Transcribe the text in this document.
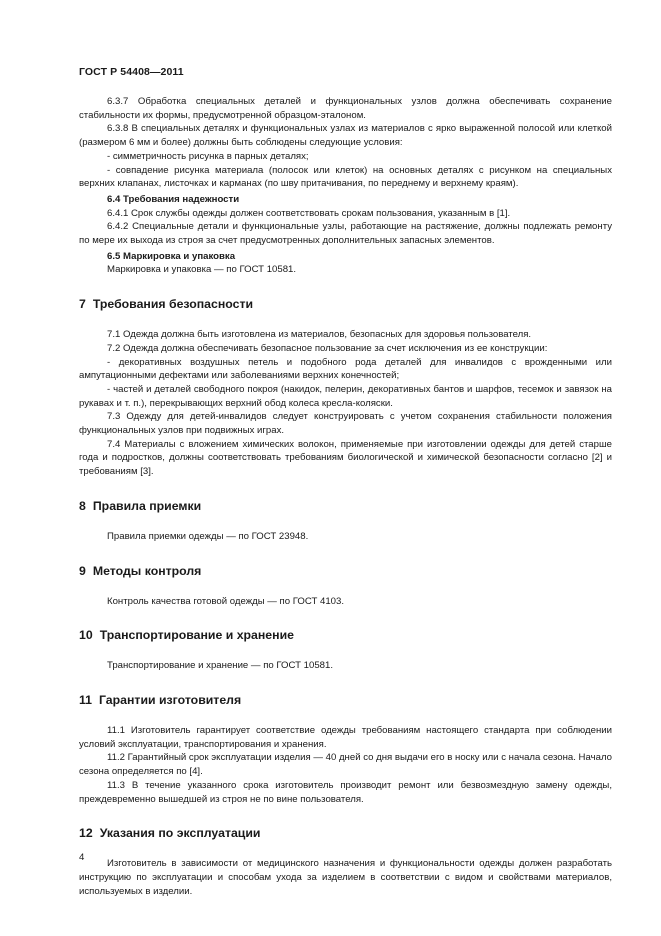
ГОСТ Р 54408—2011

6.3.7 Обработка специальных деталей и функциональных узлов должна обеспечивать сохранение стабильности их формы, предусмотренной образцом-эталоном.

6.3.8 В специальных деталях и функциональных узлах из материалов с ярко выраженной полосой или клеткой (размером 6 мм и более) должны быть соблюдены следующие условия:

- симметричность рисунка в парных деталях;

- совпадение рисунка материала (полосок или клеток) на основных деталях с рисунком на специальных верхних клапанах, листочках и карманах (по шву притачивания, по переднему и верхнему краям).

6.4 Требования надежности

6.4.1 Срок службы одежды должен соответствовать срокам пользования, указанным в [1].

6.4.2 Специальные детали и функциональные узлы, работающие на растяжение, должны подлежать ремонту по мере их выхода из строя за счет предусмотренных дополнительных запасных элементов.

6.5 Маркировка и упаковка

Маркировка и упаковка — по ГОСТ 10581.

7 Требования безопасности

7.1 Одежда должна быть изготовлена из материалов, безопасных для здоровья пользователя.

7.2 Одежда должна обеспечивать безопасное пользование за счет исключения из ее конструкции:

- декоративных воздушных петель и подобного рода деталей для инвалидов с врожденными или ампутационными дефектами или заболеваниями верхних конечностей;

- частей и деталей свободного покроя (накидок, пелерин, декоративных бантов и шарфов, тесемок и завязок на рукавах и т. п.), перекрывающих верхний обод колеса кресла-коляски.

7.3 Одежду для детей-инвалидов следует конструировать с учетом сохранения стабильности положения функциональных узлов при подвижных играх.

7.4 Материалы с вложением химических волокон, применяемые при изготовлении одежды для детей старше года и подростков, должны соответствовать требованиям биологической и химической безопасности согласно [2] и требованиям [3].

8 Правила приемки

Правила приемки одежды — по ГОСТ 23948.

9 Методы контроля

Контроль качества готовой одежды — по ГОСТ 4103.

10 Транспортирование и хранение

Транспортирование и хранение — по ГОСТ 10581.

11 Гарантии изготовителя

11.1 Изготовитель гарантирует соответствие одежды требованиям настоящего стандарта при соблюдении условий эксплуатации, транспортирования и хранения.

11.2 Гарантийный срок эксплуатации изделия — 40 дней со дня выдачи его в носку или с начала сезона. Начало сезона определяется по [4].

11.3 В течение указанного срока изготовитель производит ремонт или безвозмездную замену одежды, преждевременно вышедшей из строя не по вине пользователя.

12 Указания по эксплуатации

Изготовитель в зависимости от медицинского назначения и функциональности одежды должен разработать инструкцию по эксплуатации и способам ухода за изделием в соответствии с видом и свойствами материалов, используемых в изделии.

4
